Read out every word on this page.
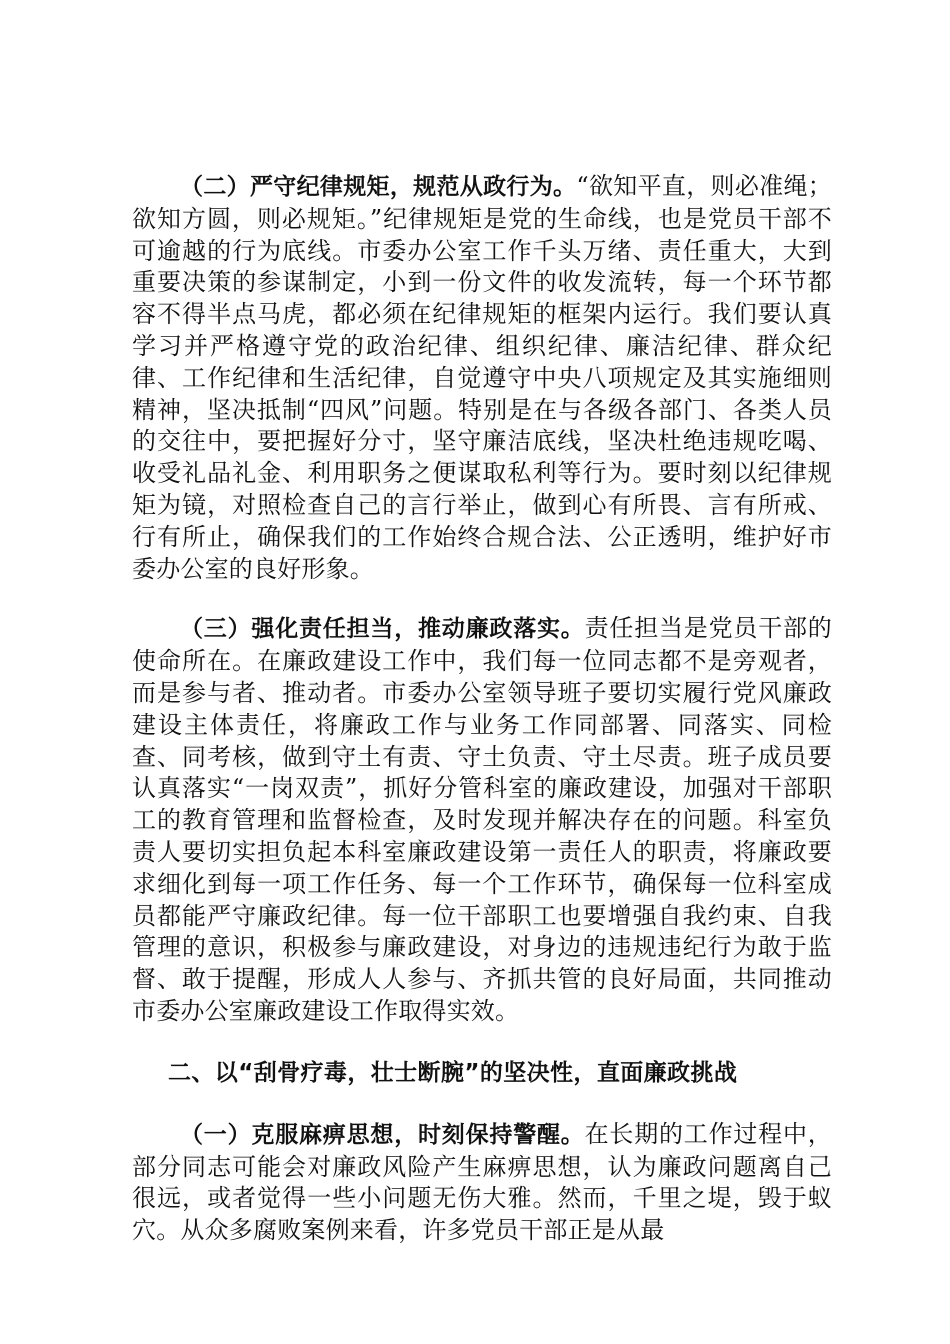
（二）严守纪律规矩，规范从政行为。“欲知平直，则必准绳；欲知方圆，则必规矩。”纪律规矩是党的生命线，也是党员干部不可逾越的行为底线。市委办公室工作千头万绪、责任重大，大到重要决策的参谋制定，小到一份文件的收发流转，每一个环节都容不得半点马虎，都必须在纪律规矩的框架内运行。我们要认真学习并严格遵守党的政治纪律、组织纪律、廉洁纪律、群众纪律、工作纪律和生活纪律，自觉遵守中央八项规定及其实施细则精神，坚决抵制“四风”问题。特别是在与各级各部门、各类人员的交往中，要把握好分寸，坚守廉洁底线，坚决杜绝违规吃喝、收受礼品礼金、利用职务之便谋取私利等行为。要时刻以纪律规矩为镜，对照检查自己的言行举止，做到心有所畏、言有所戒、行有所止，确保我们的工作始终合规合法、公正透明，维护好市委办公室的良好形象。

（三）强化责任担当，推动廉政落实。责任担当是党员干部的使命所在。在廉政建设工作中，我们每一位同志都不是旁观者，而是参与者、推动者。市委办公室领导班子要切实履行党风廉政建设主体责任，将廉政工作与业务工作同部署、同落实、同检查、同考核，做到守土有责、守土负责、守土尽责。班子成员要认真落实“一岗双责”，抓好分管科室的廉政建设，加强对干部职工的教育管理和监督检查，及时发现并解决存在的问题。科室负责人要切实担负起本科室廉政建设第一责任人的职责，将廉政要求细化到每一项工作任务、每一个工作环节，确保每一位科室成员都能严守廉政纪律。每一位干部职工也要增强自我约束、自我管理的意识，积极参与廉政建设，对身边的违规违纪行为敢于监督、敢于提醒，形成人人参与、齐抓共管的良好局面，共同推动市委办公室廉政建设工作取得实效。

二、以“刮骨疗毒，壮士断腕”的坚决性，直面廉政挑战

（一）克服麻痹思想，时刻保持警醒。在长期的工作过程中，部分同志可能会对廉政风险产生麻痹思想，认为廉政问题离自己很远，或者觉得一些小问题无伤大雅。然而，千里之堤，毁于蚁穴。从众多腐败案例来看，许多党员干部正是从最
